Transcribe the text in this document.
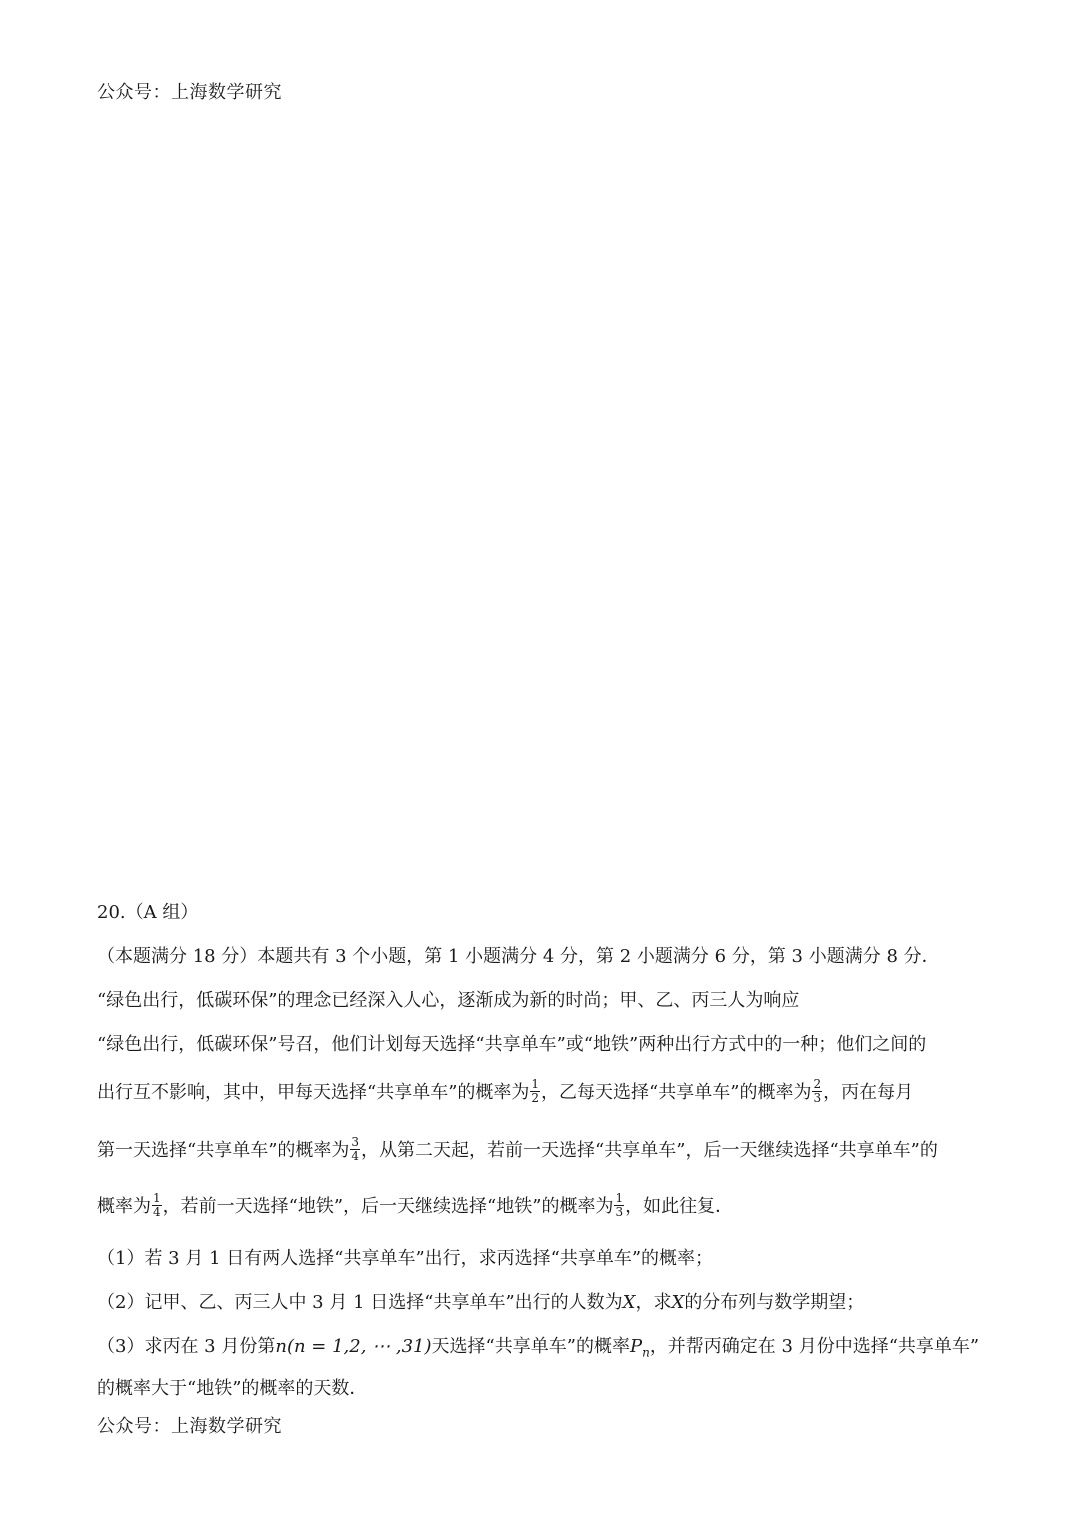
公众号：上海数学研究
20.（A 组）
（本题满分 18 分）本题共有 3 个小题，第 1 小题满分 4 分，第 2 小题满分 6 分，第 3 小题满分 8 分．
“绿色出行，低碳环保”的理念已经深入人心，逐渐成为新的时尚；甲、乙、丙三人为响应
“绿色出行，低碳环保”号召，他们计划每天选择“共享单车”或“地铁”两种出行方式中的一种；他们之间的
出行互不影响，其中，甲每天选择“共享单车”的概率为 $\frac{1}{2}$ ，乙每天选择“共享单车”的概率为 $\frac{2}{3}$ ，丙在每月
第一天选择“共享单车”的概率为 $\frac{3}{4}$ ，从第二天起，若前一天选择“共享单车”，后一天继续选择“共享单车”的
概率为 $\frac{1}{4}$ ，若前一天选择“地铁”，后一天继续选择“地铁”的概率为 $\frac{1}{3}$ ，如此往复．
（1）若 3 月 1 日有两人选择“共享单车”出行，求丙选择“共享单车”的概率；
（2）记甲、乙、丙三人中 3 月 1 日选择“共享单车”出行的人数为X，求X的分布列与数学期望；
（3）求丙在 3 月份第n(n = 1,2, ⋯ ,31)天选择“共享单车”的概率$P_n$，并帮丙确定在 3 月份中选择“共享单车”
的概率大于“地铁”的概率的天数．
公众号：上海数学研究
